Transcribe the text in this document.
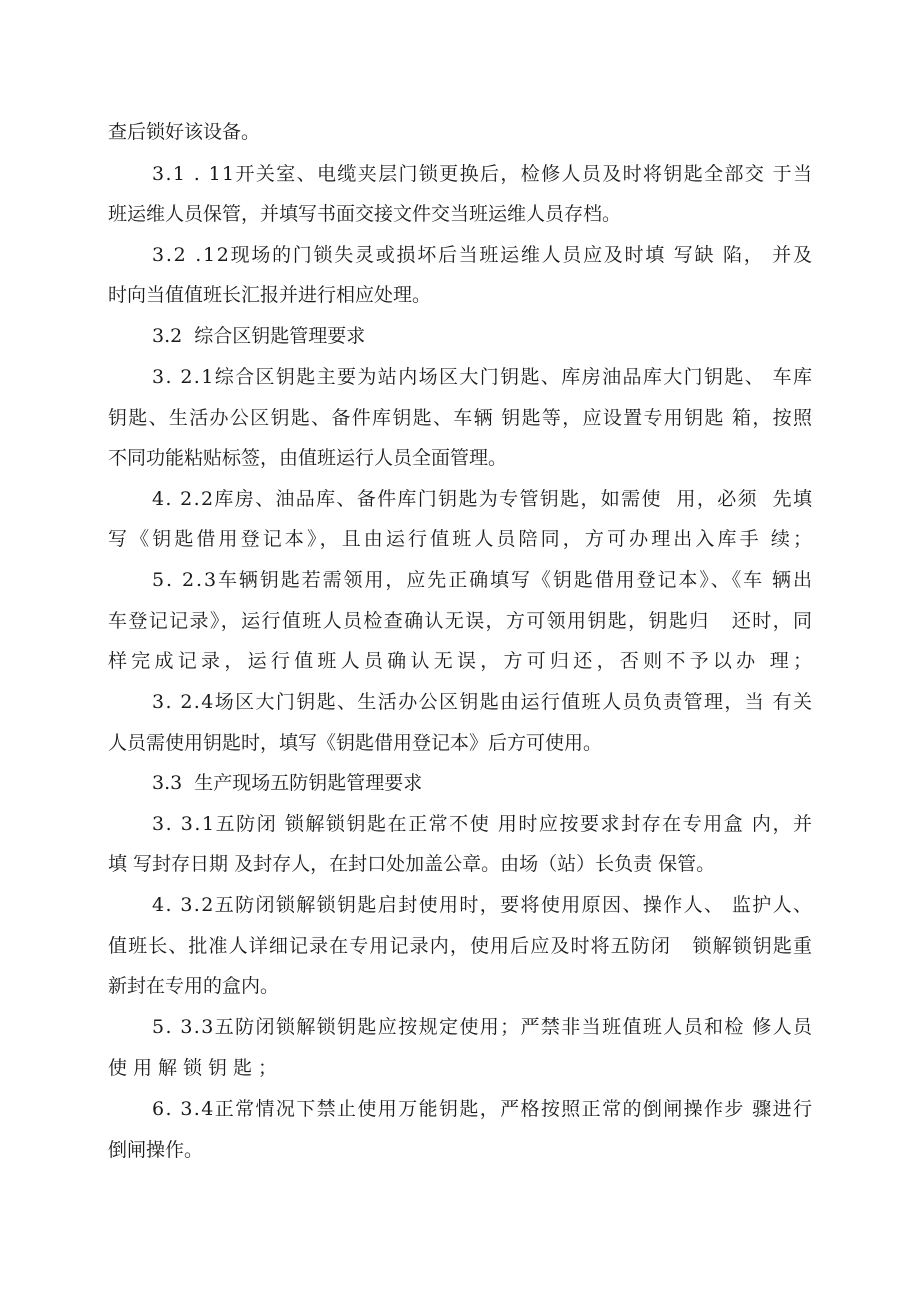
查后锁好该设备。
3.1 . 11开关室、电缆夹层门锁更换后，检修人员及时将钥匙全部交 于当
班运维人员保管，并填写书面交接文件交当班运维人员存档。
3.2 .12现场的门锁失灵或损坏后当班运维人员应及时填 写缺 陷， 并及
时向当值值班长汇报并进行相应处理。
3.2  综合区钥匙管理要求
3. 2.1综合区钥匙主要为站内场区大门钥匙、库房油品库大门钥匙、 车库
钥匙、生活办公区钥匙、备件库钥匙、车辆 钥匙等，应设置专用钥匙 箱，按照
不同功能粘贴标签，由值班运行人员全面管理。
4. 2.2库房、油品库、备件库门钥匙为专管钥匙，如需使  用，必须  先填
写《钥匙借用登记本》，且由运行值班人员陪同，方可办理出入库手 续；
5. 2.3车辆钥匙若需领用，应先正确填写《钥匙借用登记本》、《车 辆出
车登记记录》，运行值班人员检查确认无误，方可领用钥匙，钥匙归   还时，同
样完成记录，运行值班人员确认无误，方可归还，否则不予以办 理；
3. 2.4场区大门钥匙、生活办公区钥匙由运行值班人员负责管理，当 有关
人员需使用钥匙时，填写《钥匙借用登记本》后方可使用。
3.3  生产现场五防钥匙管理要求
3. 3.1五防闭 锁解锁钥匙在正常不使 用时应按要求封存在专用盒 内，并
填 写封存日期 及封存人，在封口处加盖公章。由场（站）长负责 保管。
4. 3.2五防闭锁解锁钥匙启封使用时，要将使用原因、操作人、 监护人、
值班长、批准人详细记录在专用记录内，使用后应及时将五防闭   锁解锁钥匙重
新封在专用的盒内。
5. 3.3五防闭锁解锁钥匙应按规定使用；严禁非当班值班人员和检 修人员
使用解锁钥匙；
6. 3.4正常情况下禁止使用万能钥匙，严格按照正常的倒闸操作步 骤进行
倒闸操作。
